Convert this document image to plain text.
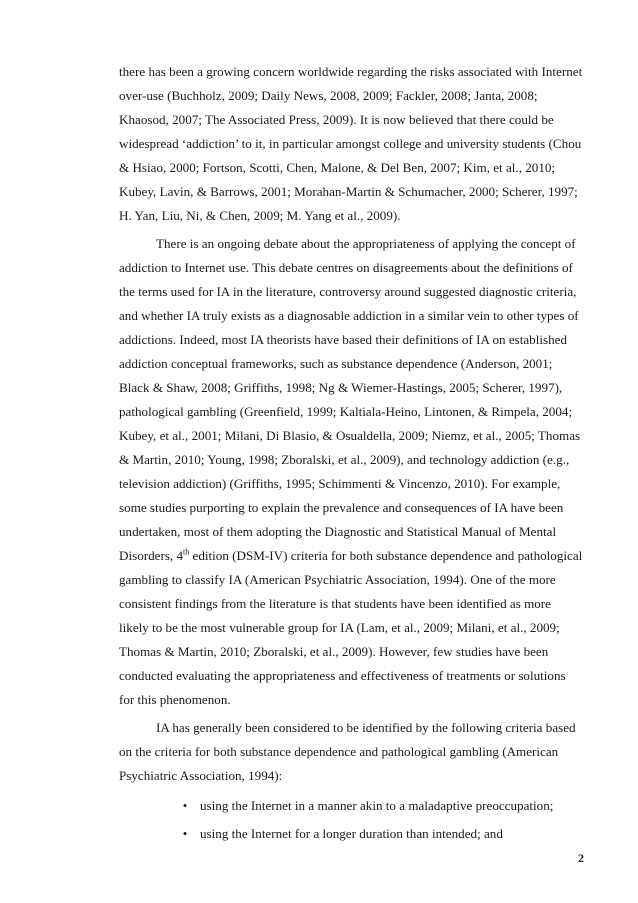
there has been a growing concern worldwide regarding the risks associated with Internet
over-use (Buchholz, 2009; Daily News, 2008, 2009; Fackler, 2008; Janta, 2008;
Khaosod, 2007; The Associated Press, 2009). It is now believed that there could be
widespread ‘addiction’ to it, in particular amongst college and university students (Chou
& Hsiao, 2000; Fortson, Scotti, Chen, Malone, & Del Ben, 2007; Kim, et al., 2010;
Kubey, Lavin, & Barrows, 2001; Morahan-Martin & Schumacher, 2000; Scherer, 1997;
H. Yan, Liu, Ni, & Chen, 2009; M. Yang et al., 2009).
There is an ongoing debate about the appropriateness of applying the concept of
addiction to Internet use. This debate centres on disagreements about the definitions of
the terms used for IA in the literature, controversy around suggested diagnostic criteria,
and whether IA truly exists as a diagnosable addiction in a similar vein to other types of
addictions. Indeed, most IA theorists have based their definitions of IA on established
addiction conceptual frameworks, such as substance dependence (Anderson, 2001;
Black & Shaw, 2008; Griffiths, 1998; Ng & Wiemer-Hastings, 2005; Scherer, 1997),
pathological gambling (Greenfield, 1999; Kaltiala-Heino, Lintonen, & Rimpela, 2004;
Kubey, et al., 2001; Milani, Di Blasio, & Osualdella, 2009; Niemz, et al., 2005; Thomas
& Martin, 2010; Young, 1998; Zboralski, et al., 2009), and technology addiction (e.g.,
television addiction) (Griffiths, 1995; Schimmenti & Vincenzo, 2010). For example,
some studies purporting to explain the prevalence and consequences of IA have been
undertaken, most of them adopting the Diagnostic and Statistical Manual of Mental
Disorders, 4th edition (DSM-IV) criteria for both substance dependence and pathological
gambling to classify IA (American Psychiatric Association, 1994). One of the more
consistent findings from the literature is that students have been identified as more
likely to be the most vulnerable group for IA (Lam, et al., 2009; Milani, et al., 2009;
Thomas & Martin, 2010; Zboralski, et al., 2009). However, few studies have been
conducted evaluating the appropriateness and effectiveness of treatments or solutions
for this phenomenon.
IA has generally been considered to be identified by the following criteria based
on the criteria for both substance dependence and pathological gambling (American
Psychiatric Association, 1994):
• using the Internet in a manner akin to a maladaptive preoccupation;
• using the Internet for a longer duration than intended; and
2
